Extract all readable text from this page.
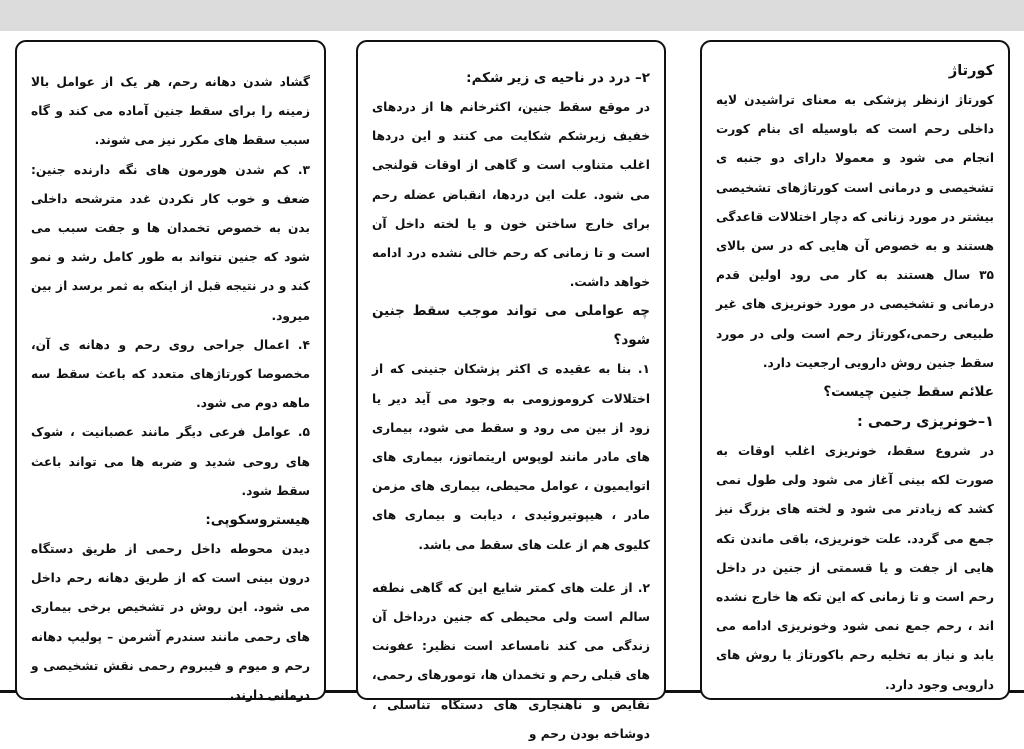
گشاد شدن دهانه رحم، هر یک از عوامل بالا زمینه را برای سقط جنین آماده می کند و گاه سبب سقط های مکرر نیز می شوند.

۳. کم شدن هورمون های نگه دارنده جنین: ضعف و خوب کار نکردن غدد مترشحه داخلی بدن به خصوص تخمدان ها و جفت سبب می شود که جنین نتواند به طور کامل رشد و نمو کند و در نتیجه قبل از اینکه به ثمر برسد از بین میرود.

۴. اعمال جراحی روی رحم و دهانه ی آن، مخصوصا کورتاژهای متعدد که باعث سقط سه ماهه دوم می شود.

۵. عوامل فرعی دیگر مانند عصبانیت ، شوک های روحی شدید و ضربه ها می تواند باعث سقط شود.

هیستروسکوپی:

دیدن محوطه داخل رحمی از طریق دستگاه درون بینی است که از طریق دهانه رحم داخل می شود. این روش در تشخیص برخی بیماری های رحمی مانند سندرم آشرمن – پولیپ دهانه رحم و میوم و فیبروم رحمی نقش تشخیصی و درمانی دارند.

۲– درد در ناحیه ی زیر شکم:

در موقع سقط جنین، اکثرخانم ها از دردهای خفیف زیرشکم شکایت می کنند و این دردها اغلب متناوب است و گاهی از اوقات قولنجی می شود. علت این دردها، انقباض عضله رحم برای خارج ساختن خون و یا لخته داخل آن است و تا زمانی که رحم خالی نشده درد ادامه خواهد داشت.

چه عواملی می تواند موجب سقط جنین شود؟

۱. بنا به عقیده ی اکثر پزشکان جنینی که از اختلالات کروموزومی به وجود می آید دیر یا زود از بین می رود و سقط می شود، بیماری های مادر مانند لوپوس اریتماتوز، بیماری های اتوایمیون ، عوامل محیطی، بیماری های مزمن مادر ، هیپوتیروئیدی ، دیابت و بیماری های کلیوی هم از علت های سقط می باشد.

۲. از علت های کمتر شایع این که گاهی نطفه سالم است ولی محیطی که جنین درداخل آن زندگی می کند نامساعد است نظیر: عفونت های قبلی رحم و تخمدان ها، تومورهای رحمی، نقایص و ناهنجاری های دستگاه تناسلی ، دوشاخه بودن رحم و

کورتاژ

کورتاژ ازنظر پزشکی به معنای تراشیدن لایه داخلی رحم است که باوسیله ای بنام کورت انجام می شود و معمولا دارای دو جنبه ی تشخیصی و درمانی است کورتاژهای تشخیصی بیشتر در مورد زنانی که دچار اختلالات قاعدگی هستند و به خصوص آن هایی که در سن بالای ۳۵ سال هستند به کار می رود اولین قدم درمانی و تشخیصی در مورد خونریزی های غیر طبیعی رحمی،کورتاژ رحم است ولی در مورد سقط جنین روش دارویی ارجعیت دارد.

علائم سقط جنین چیست؟
۱–خونریزی رحمی :

در شروع سقط، خونریزی اغلب اوقات به صورت لکه بینی آغاز می شود ولی طول نمی کشد که زیادتر می شود و لخته های بزرگ نیز جمع می گردد. علت خونریزی، باقی ماندن تکه هایی از جفت و یا قسمتی از جنین در داخل رحم است و تا زمانی که این تکه ها خارج نشده اند ، رحم جمع نمی شود وخونریزی ادامه می یابد و نیاز به تخلیه رحم باکورتاژ یا روش های دارویی وجود دارد.
